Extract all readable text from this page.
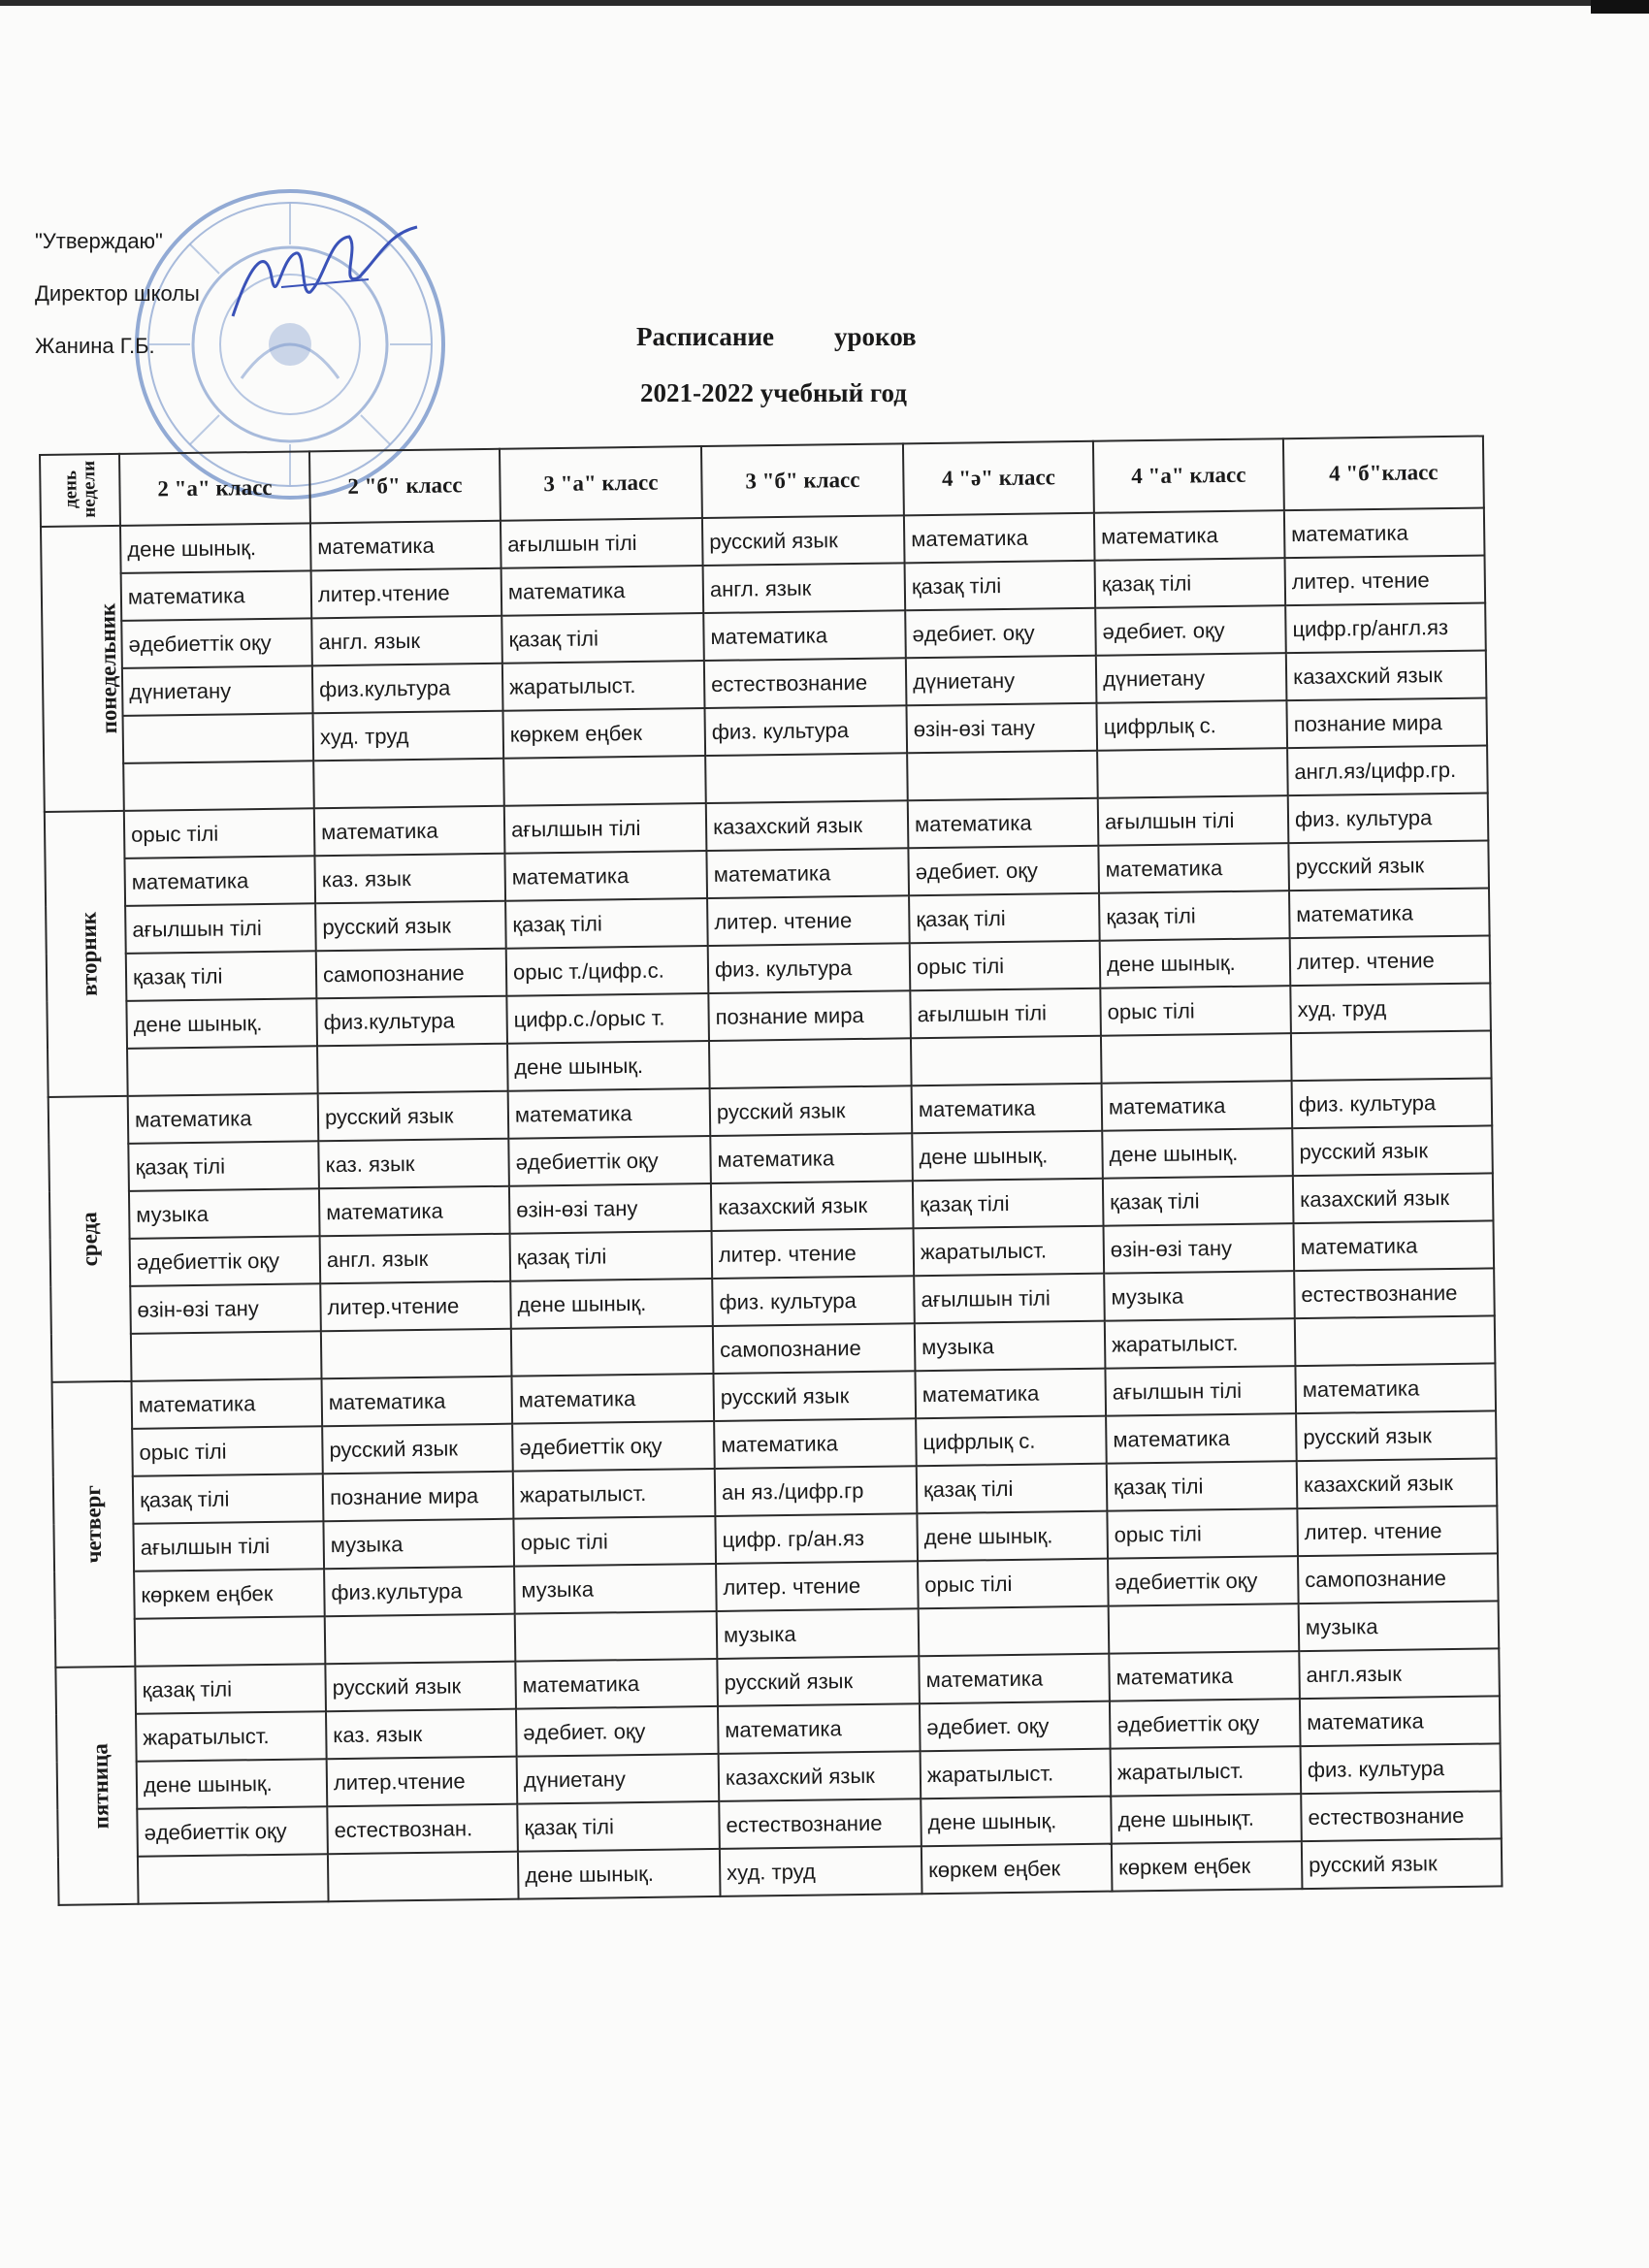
"Утверждаю"
Директор школы
Жанина Г.Б.	Расписание уроков
2021-2022 учебный год
день недели	2 "а" класс	2 "б" класс	3 "а" класс	3 "б" класс	4 "ә" класс	4 "а" класс	4 "б"класс
понедельник	дене шынық.	математика	ағылшын тілі	русский язык	математика	математика	математика
	математика	литер.чтение	математика	англ. язык	қазақ тілі	қазақ тілі	литер. чтение
	әдебиеттік оқу	англ. язык	қазақ тілі	математика	әдебиет. оқу	әдебиет. оқу	цифр.гр/англ.яз
	дүниетану	физ.культура	жаратылыст.	естествознание	дүниетану	дүниетану	казахский язык
		худ. труд	көркем еңбек	физ. культура	өзін-өзі тану	цифрлық с.	познание мира
							англ.яз/цифр.гр.
вторник	орыс тілі	математика	ағылшын тілі	казахский язык	математика	ағылшын тілі	физ. культура
	математика	каз. язык	математика	математика	әдебиет. оқу	математика	русский язык
	ағылшын тілі	русский язык	қазақ тілі	литер. чтение	қазақ тілі	қазақ тілі	математика
	қазақ тілі	самопознание	орыс т./цифр.с.	физ. культура	орыс тілі	дене шынық.	литер. чтение
	дене шынық.	физ.культура	цифр.с./орыс т.	познание мира	ағылшын тілі	орыс тілі	худ. труд
			дене шынық.				
среда	математика	русский язык	математика	русский язык	математика	математика	физ. культура
	қазақ тілі	каз. язык	әдебиеттік оқу	математика	дене шынық.	дене шынық.	русский язык
	музыка	математика	өзін-өзі тану	казахский язык	қазақ тілі	қазақ тілі	казахский язык
	әдебиеттік оқу	англ. язык	қазақ тілі	литер. чтение	жаратылыст.	өзін-өзі тану	математика
	өзін-өзі тану	литер.чтение	дене шынық.	физ. культура	ағылшын тілі	музыка	естествознание
				самопознание	музыка	жаратылыст.	
четверг	математика	математика	математика	русский язык	математика	ағылшын тілі	математика
	орыс тілі	русский язык	әдебиеттік оқу	математика	цифрлық с.	математика	русский язык
	қазақ тілі	познание мира	жаратылыст.	ан яз./цифр.гр	қазақ тілі	қазақ тілі	казахский язык
	ағылшын тілі	музыка	орыс тілі	цифр. гр/ан.яз	дене шынық.	орыс тілі	литер. чтение
	көркем еңбек	физ.культура	музыка	литер. чтение	орыс тілі	әдебиеттік оқу	самопознание
				музыка			музыка
пятница	қазақ тілі	русский язык	математика	русский язык	математика	математика	англ.язык
	жаратылыст.	каз. язык	әдебиет. оқу	математика	әдебиет. оқу	әдебиеттік оқу	математика
	дене шынық.	литер.чтение	дүниетану	казахский язык	жаратылыст.	жаратылыст.	физ. культура
	әдебиеттік оқу	естествознан.	қазақ тілі	естествознание	дене шынық.	дене шынықт.	естествознание
			дене шынық.	худ. труд	көркем еңбек	көркем еңбек	русский язык
